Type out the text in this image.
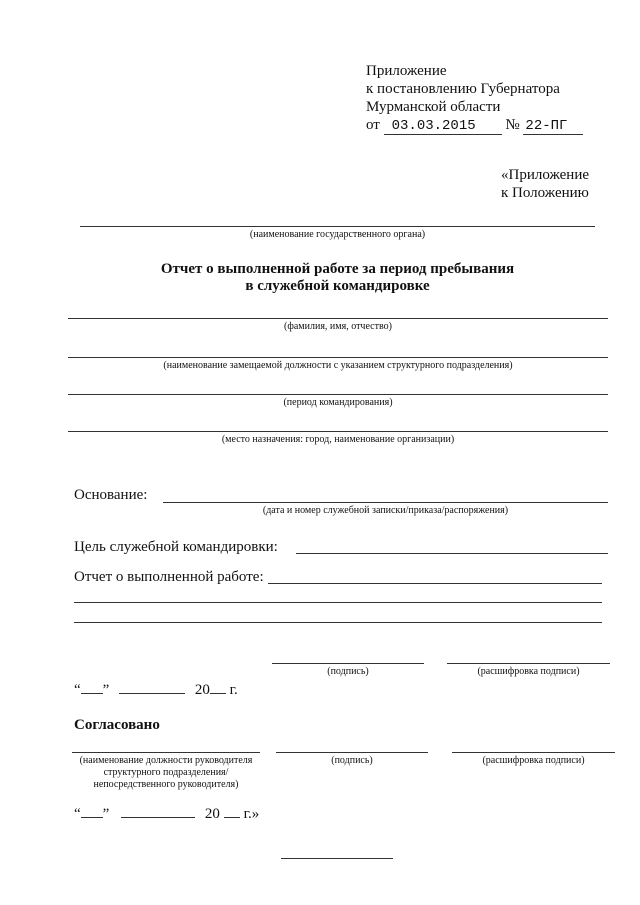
Приложение
к постановлению Губернатора
Мурманской области
от 03.03.2015 № 22-ПГ
«Приложение
к Положению
(наименование государственного органа)
Отчет о выполненной работе за период пребывания
в служебной командировке
(фамилия, имя, отчество)
(наименование замещаемой должности с указанием структурного подразделения)
(период командирования)
(место назначения: город, наименование организации)
Основание:
(дата и номер служебной записки/приказа/распоряжения)
Цель служебной командировки:
Отчет о выполненной работе:
(подпись)	(расшифровка подписи)
“ ”	20 г.
Согласовано
(наименование должности руководителя структурного подразделения/непосредственного руководителя)
(подпись)	(расшифровка подписи)
“ ”	20 г.»
